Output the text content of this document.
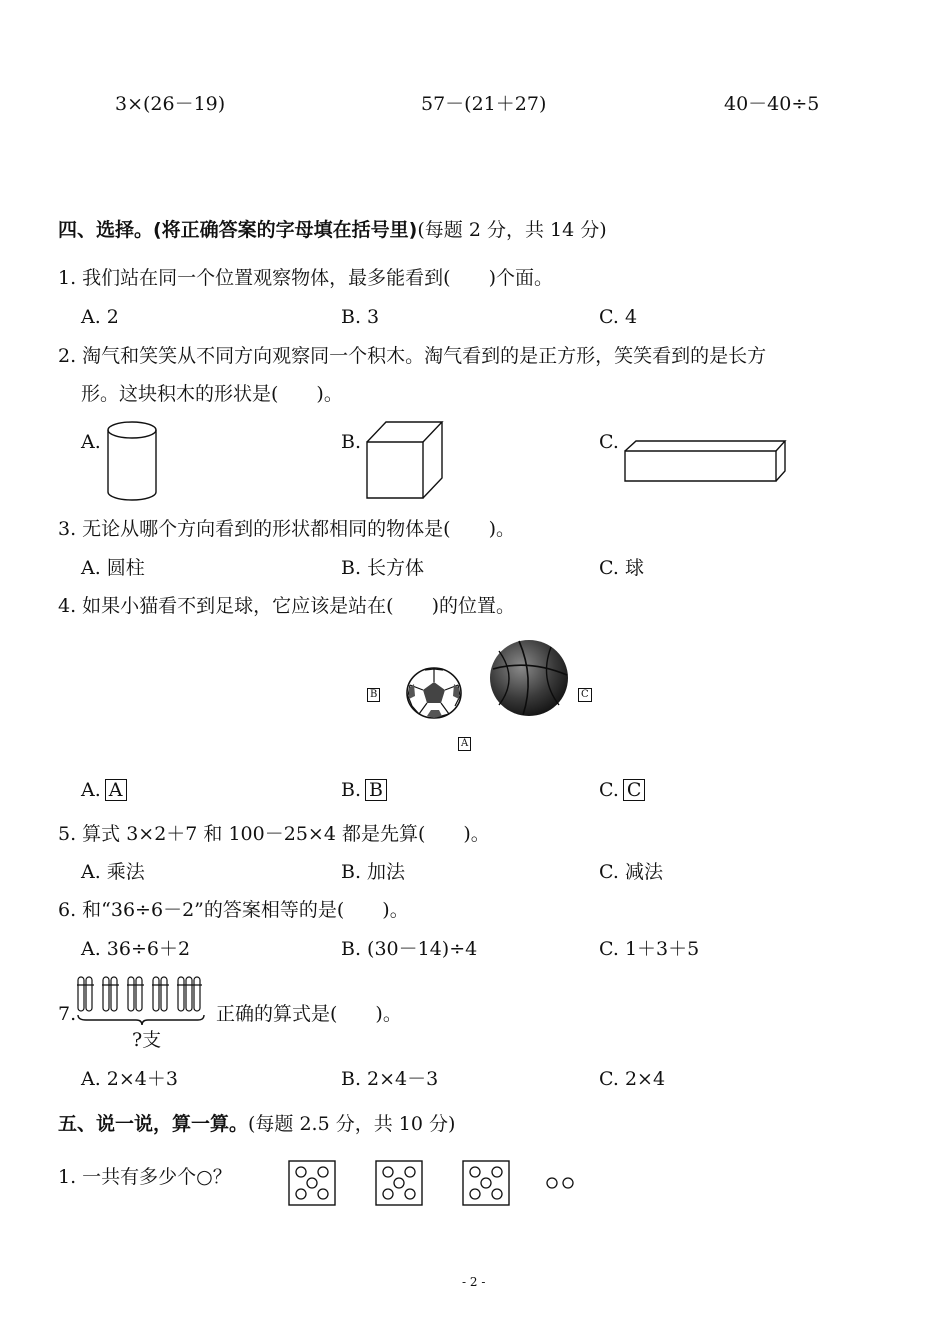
3×(26－19)	57－(21＋27)	40－40÷5
四、选择。(将正确答案的字母填在括号里)(每题 2 分，共 14 分)
1. 我们站在同一个位置观察物体，最多能看到(　　)个面。
A. 2	B. 3	C. 4
2. 淘气和笑笑从不同方向观察同一个积木。淘气看到的是正方形，笑笑看到的是长方
形。这块积木的形状是(　　)。
A.	B.	C.
3. 无论从哪个方向看到的形状都相同的物体是(　　)。
A. 圆柱	B. 长方体	C. 球
4. 如果小猫看不到足球，它应该是站在(　　)的位置。
B	C
A
A. A	B. B	C. C
5. 算式 3×2＋7 和 100－25×4 都是先算(　　)。
A. 乘法	B. 加法	C. 减法
6. 和“36÷6－2”的答案相等的是(　　)。
A. 36÷6＋2	B. (30－14)÷4	C. 1＋3＋5
7.
?支
正确的算式是(　　)。
A. 2×4＋3	B. 2×4－3	C. 2×4
五、说一说，算一算。(每题 2.5 分，共 10 分)
1. 一共有多少个○？
- 2 -
